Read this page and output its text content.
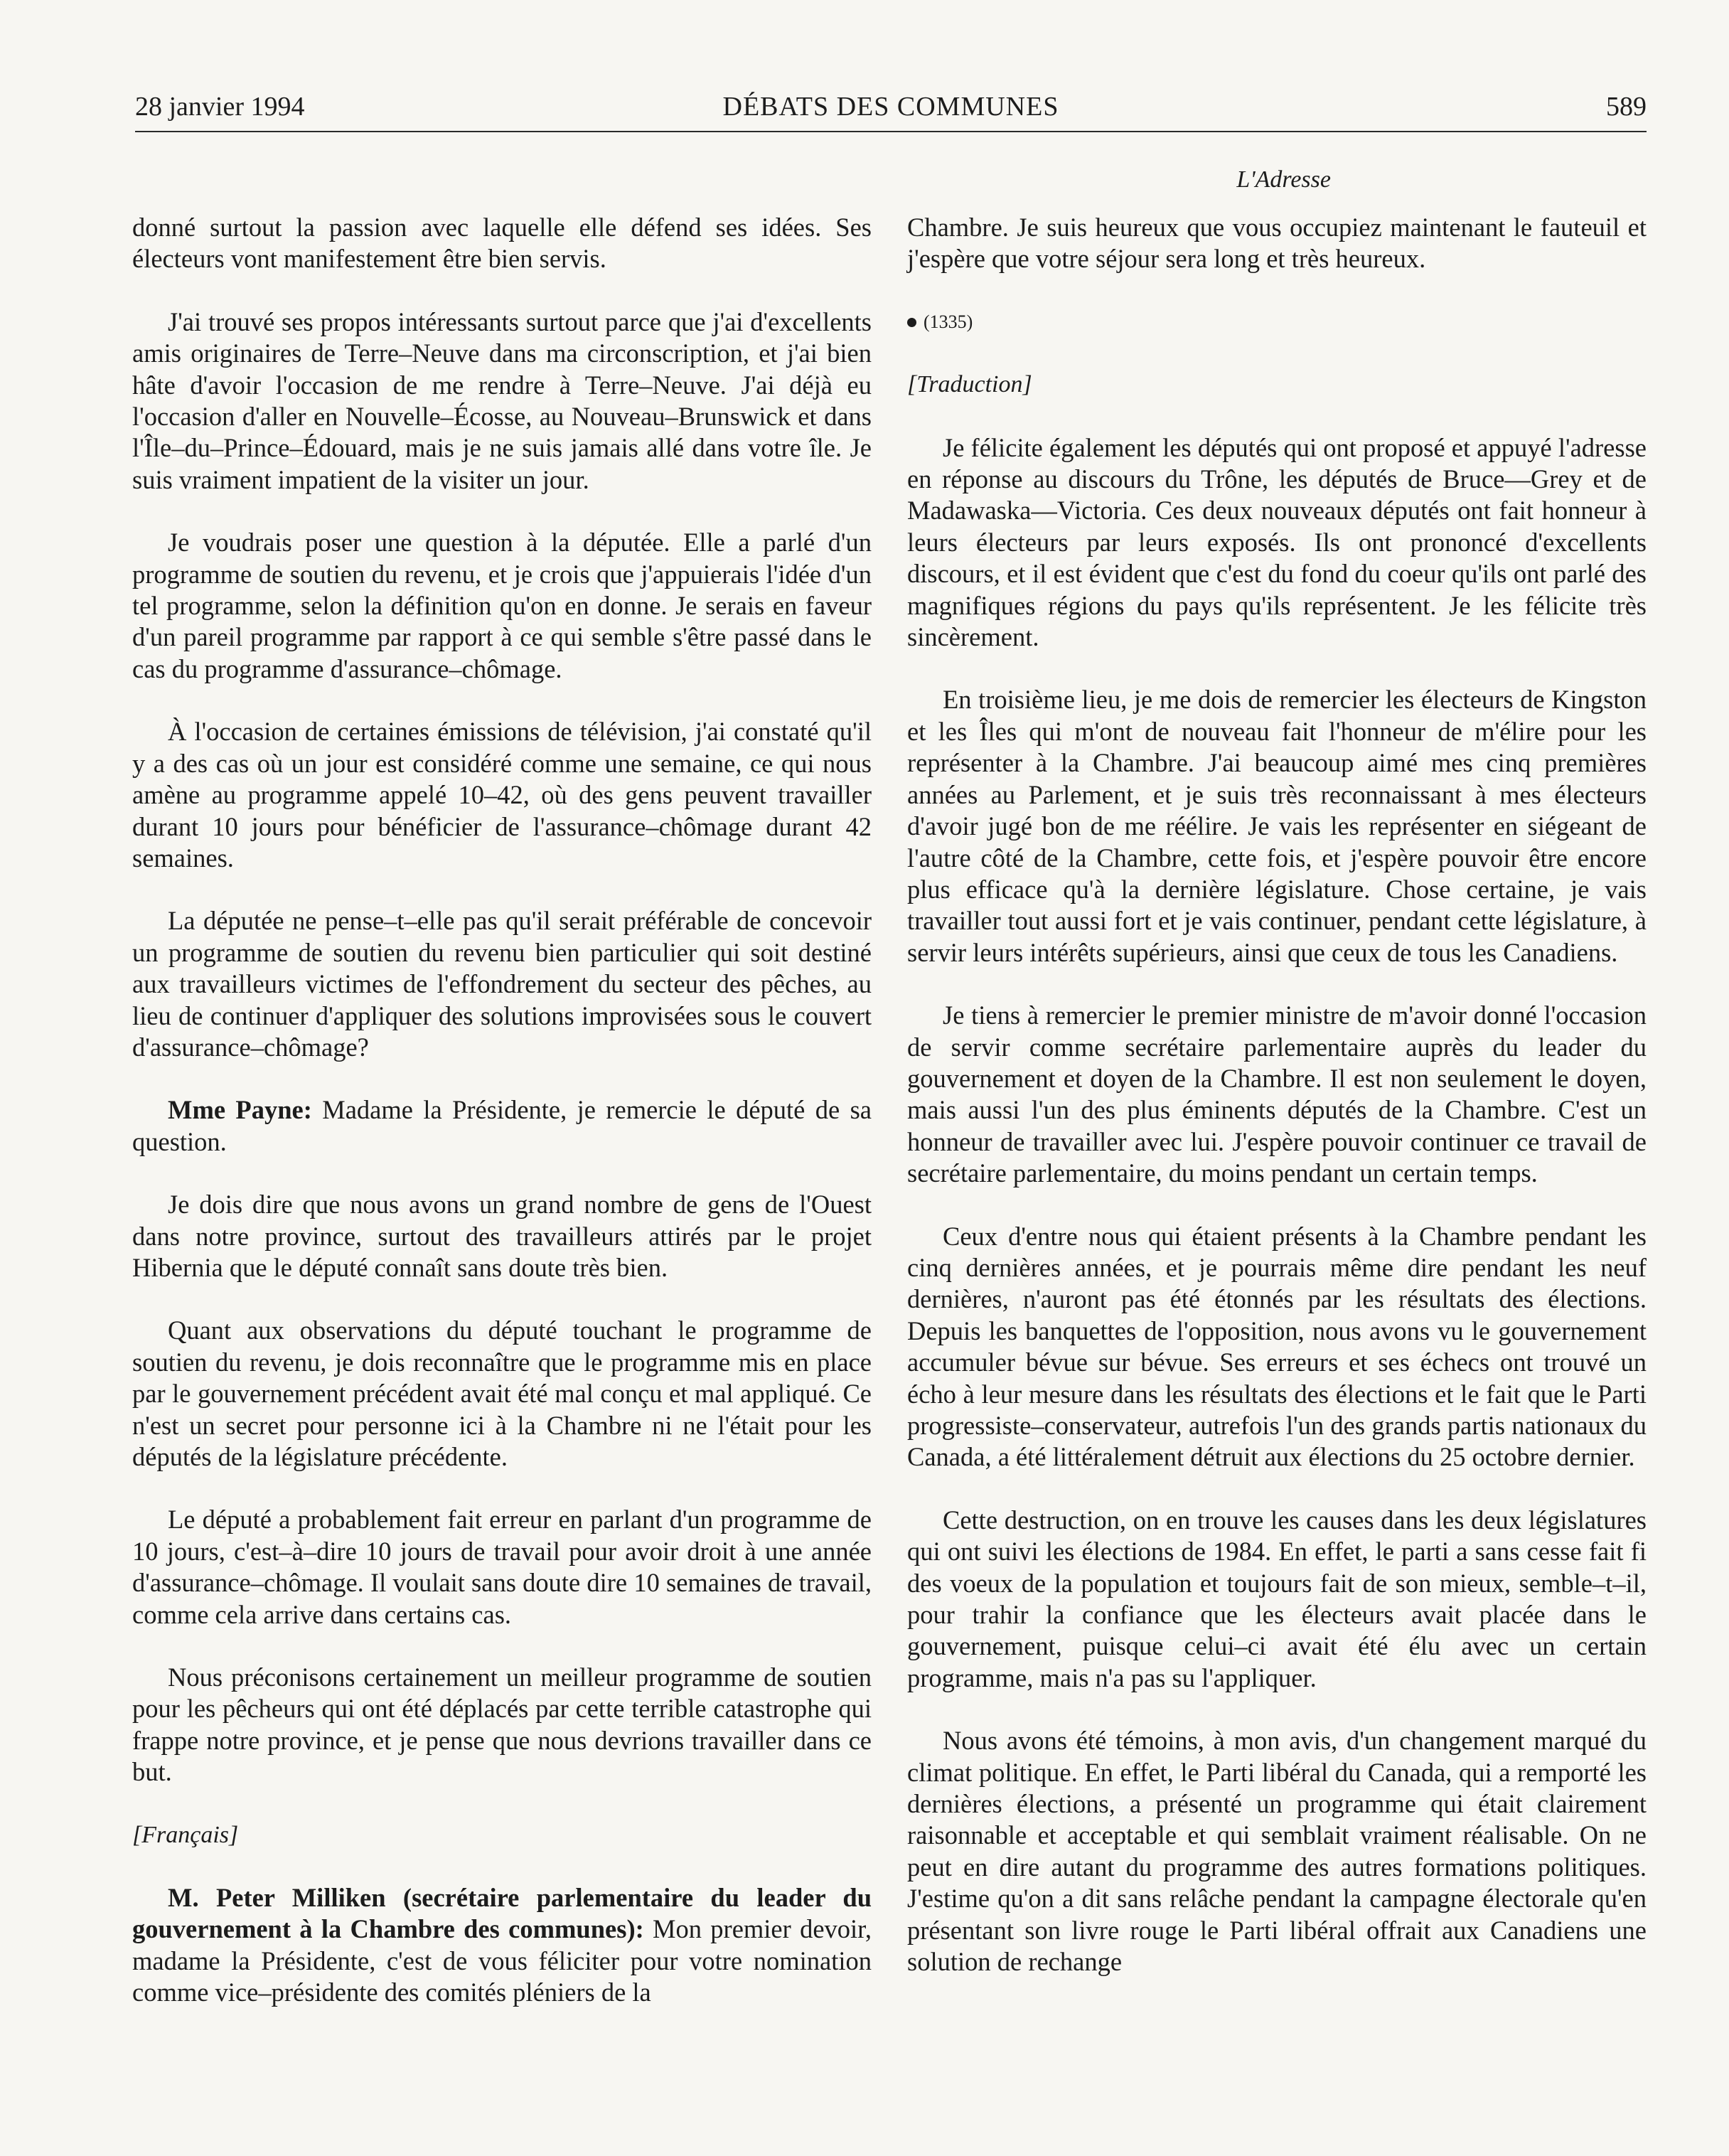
28 janvier 1994	DÉBATS DES COMMUNES	589
L'Adresse

donné surtout la passion avec laquelle elle défend ses idées. Ses électeurs vont manifestement être bien servis.

J'ai trouvé ses propos intéressants surtout parce que j'ai d'excellents amis originaires de Terre–Neuve dans ma circonscription, et j'ai bien hâte d'avoir l'occasion de me rendre à Terre–Neuve. J'ai déjà eu l'occasion d'aller en Nouvelle–Écosse, au Nouveau–Brunswick et dans l'Île–du–Prince–Édouard, mais je ne suis jamais allé dans votre île. Je suis vraiment impatient de la visiter un jour.

Je voudrais poser une question à la députée. Elle a parlé d'un programme de soutien du revenu, et je crois que j'appuierais l'idée d'un tel programme, selon la définition qu'on en donne. Je serais en faveur d'un pareil programme par rapport à ce qui semble s'être passé dans le cas du programme d'assurance–chômage.

À l'occasion de certaines émissions de télévision, j'ai constaté qu'il y a des cas où un jour est considéré comme une semaine, ce qui nous amène au programme appelé 10–42, où des gens peuvent travailler durant 10 jours pour bénéficier de l'assurance–chômage durant 42 semaines.

La députée ne pense–t–elle pas qu'il serait préférable de concevoir un programme de soutien du revenu bien particulier qui soit destiné aux travailleurs victimes de l'effondrement du secteur des pêches, au lieu de continuer d'appliquer des solutions improvisées sous le couvert d'assurance–chômage?

Mme Payne: Madame la Présidente, je remercie le député de sa question.

Je dois dire que nous avons un grand nombre de gens de l'Ouest dans notre province, surtout des travailleurs attirés par le projet Hibernia que le député connaît sans doute très bien.

Quant aux observations du député touchant le programme de soutien du revenu, je dois reconnaître que le programme mis en place par le gouvernement précédent avait été mal conçu et mal appliqué. Ce n'est un secret pour personne ici à la Chambre ni ne l'était pour les députés de la législature précédente.

Le député a probablement fait erreur en parlant d'un programme de 10 jours, c'est–à–dire 10 jours de travail pour avoir droit à une année d'assurance–chômage. Il voulait sans doute dire 10 semaines de travail, comme cela arrive dans certains cas.

Nous préconisons certainement un meilleur programme de soutien pour les pêcheurs qui ont été déplacés par cette terrible catastrophe qui frappe notre province, et je pense que nous devrions travailler dans ce but.

[Français]

M. Peter Milliken (secrétaire parlementaire du leader du gouvernement à la Chambre des communes): Mon premier devoir, madame la Présidente, c'est de vous féliciter pour votre nomination comme vice–présidente des comités pléniers de la

Chambre. Je suis heureux que vous occupiez maintenant le fauteuil et j'espère que votre séjour sera long et très heureux.

(1335)

[Traduction]

Je félicite également les députés qui ont proposé et appuyé l'adresse en réponse au discours du Trône, les députés de Bruce—Grey et de Madawaska—Victoria. Ces deux nouveaux députés ont fait honneur à leurs électeurs par leurs exposés. Ils ont prononcé d'excellents discours, et il est évident que c'est du fond du coeur qu'ils ont parlé des magnifiques régions du pays qu'ils représentent. Je les félicite très sincèrement.

En troisième lieu, je me dois de remercier les électeurs de Kingston et les Îles qui m'ont de nouveau fait l'honneur de m'élire pour les représenter à la Chambre. J'ai beaucoup aimé mes cinq premières années au Parlement, et je suis très reconnaissant à mes électeurs d'avoir jugé bon de me réélire. Je vais les représenter en siégeant de l'autre côté de la Chambre, cette fois, et j'espère pouvoir être encore plus efficace qu'à la dernière législature. Chose certaine, je vais travailler tout aussi fort et je vais continuer, pendant cette législature, à servir leurs intérêts supérieurs, ainsi que ceux de tous les Canadiens.

Je tiens à remercier le premier ministre de m'avoir donné l'occasion de servir comme secrétaire parlementaire auprès du leader du gouvernement et doyen de la Chambre. Il est non seulement le doyen, mais aussi l'un des plus éminents députés de la Chambre. C'est un honneur de travailler avec lui. J'espère pouvoir continuer ce travail de secrétaire parlementaire, du moins pendant un certain temps.

Ceux d'entre nous qui étaient présents à la Chambre pendant les cinq dernières années, et je pourrais même dire pendant les neuf dernières, n'auront pas été étonnés par les résultats des élections. Depuis les banquettes de l'opposition, nous avons vu le gouvernement accumuler bévue sur bévue. Ses erreurs et ses échecs ont trouvé un écho à leur mesure dans les résultats des élections et le fait que le Parti progressiste–conservateur, autrefois l'un des grands partis nationaux du Canada, a été littéralement détruit aux élections du 25 octobre dernier.

Cette destruction, on en trouve les causes dans les deux législatures qui ont suivi les élections de 1984. En effet, le parti a sans cesse fait fi des voeux de la population et toujours fait de son mieux, semble–t–il, pour trahir la confiance que les électeurs avait placée dans le gouvernement, puisque celui–ci avait été élu avec un certain programme, mais n'a pas su l'appliquer.

Nous avons été témoins, à mon avis, d'un changement marqué du climat politique. En effet, le Parti libéral du Canada, qui a remporté les dernières élections, a présenté un programme qui était clairement raisonnable et acceptable et qui semblait vraiment réalisable. On ne peut en dire autant du programme des autres formations politiques. J'estime qu'on a dit sans relâche pendant la campagne électorale qu'en présentant son livre rouge le Parti libéral offrait aux Canadiens une solution de rechange
